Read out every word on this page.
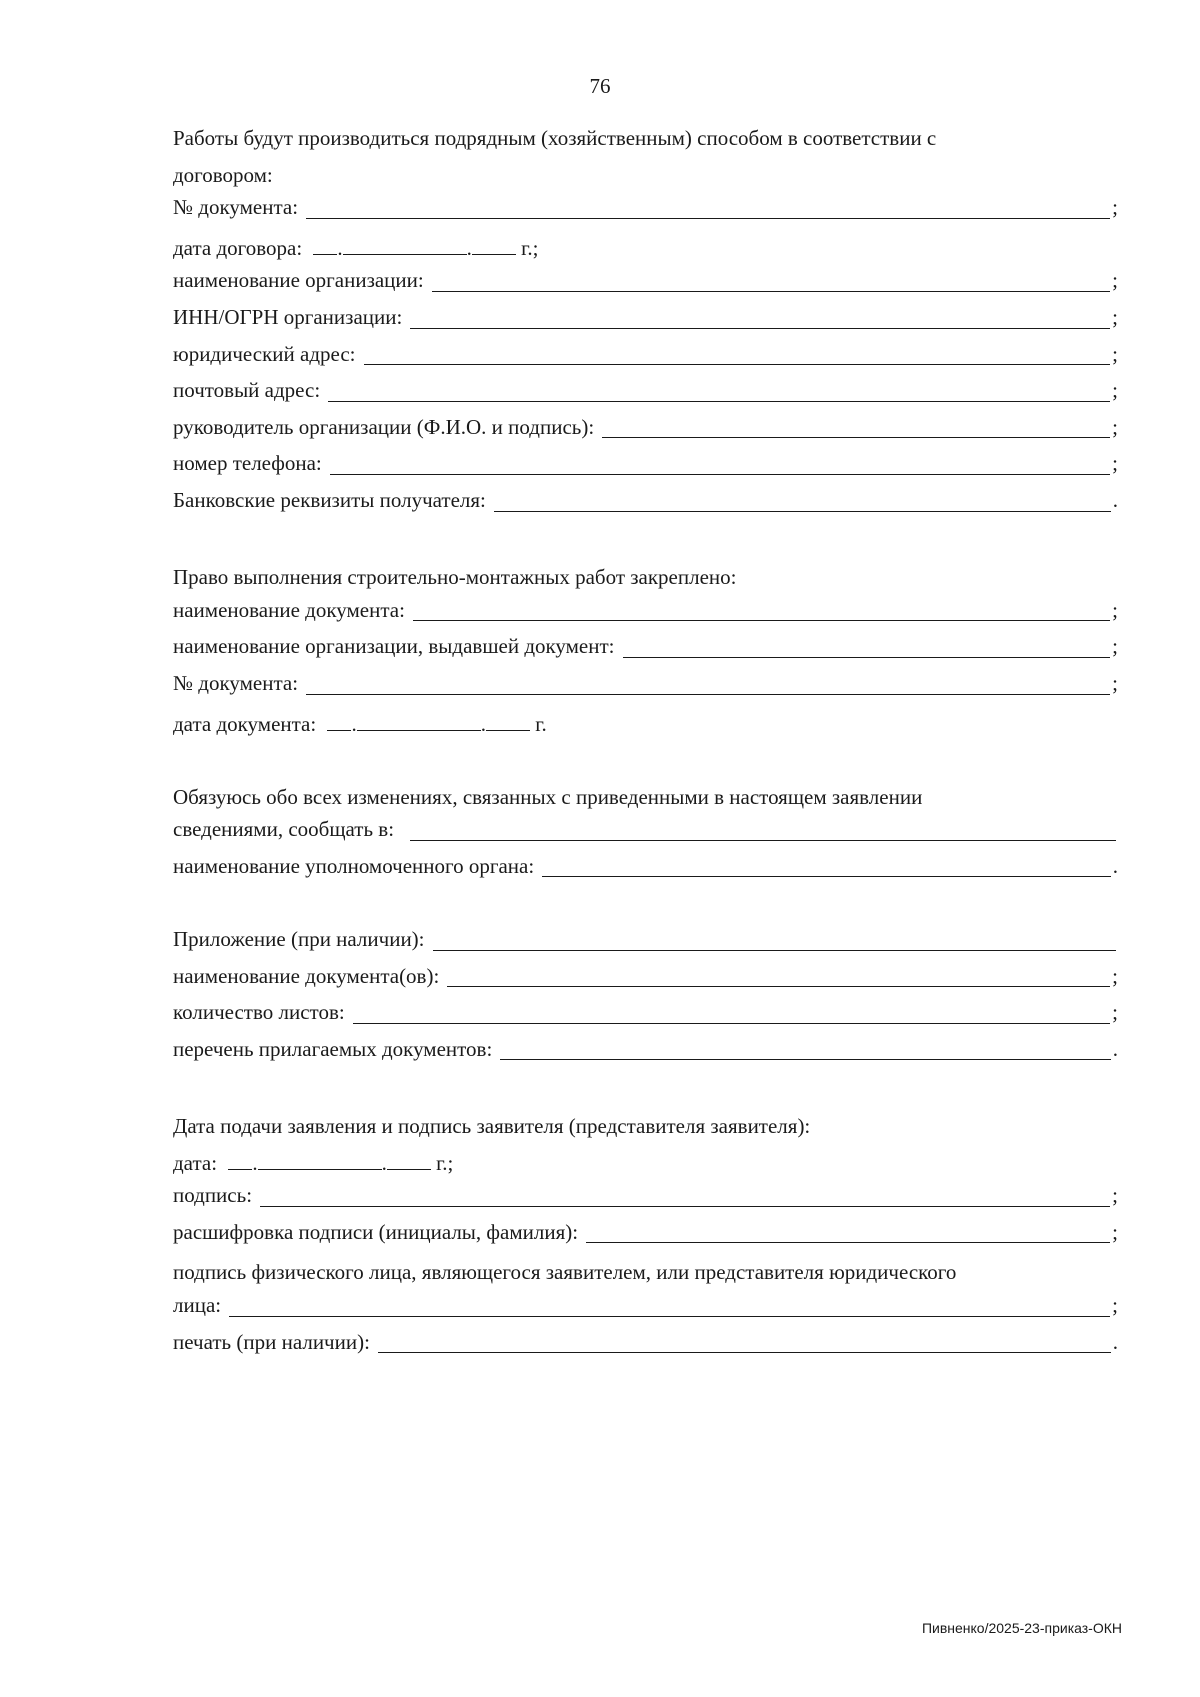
76
Работы будут производиться подрядным (хозяйственным) способом в соответствии с
договором:
№ документа:	;
дата договора: .	. г.;
наименование организации:	;
ИНН/ОГРН организации:	;
юридический адрес:	;
почтовый адрес:	;
руководитель организации (Ф.И.О. и подпись):	;
номер телефона:	;
Банковские реквизиты получателя:	.
Право выполнения строительно-монтажных работ закреплено:
наименование документа:	;
наименование организации, выдавшей документ:	;
№ документа:	;
дата документа: .	. г.
Обязуюсь обо всех изменениях, связанных с приведенными в настоящем заявлении
сведениями, сообщать в:
наименование уполномоченного органа:	.
Приложение (при наличии):
наименование документа(ов):	;
количество листов:	;
перечень прилагаемых документов:	.
Дата подачи заявления и подпись заявителя (представителя заявителя):
дата: .	. г.;
подпись:	;
расшифровка подписи (инициалы, фамилия):	;
подпись физического лица, являющегося заявителем, или представителя юридического
лица:	;
печать (при наличии):	.
Пивненко/2025-23-приказ-ОКН
